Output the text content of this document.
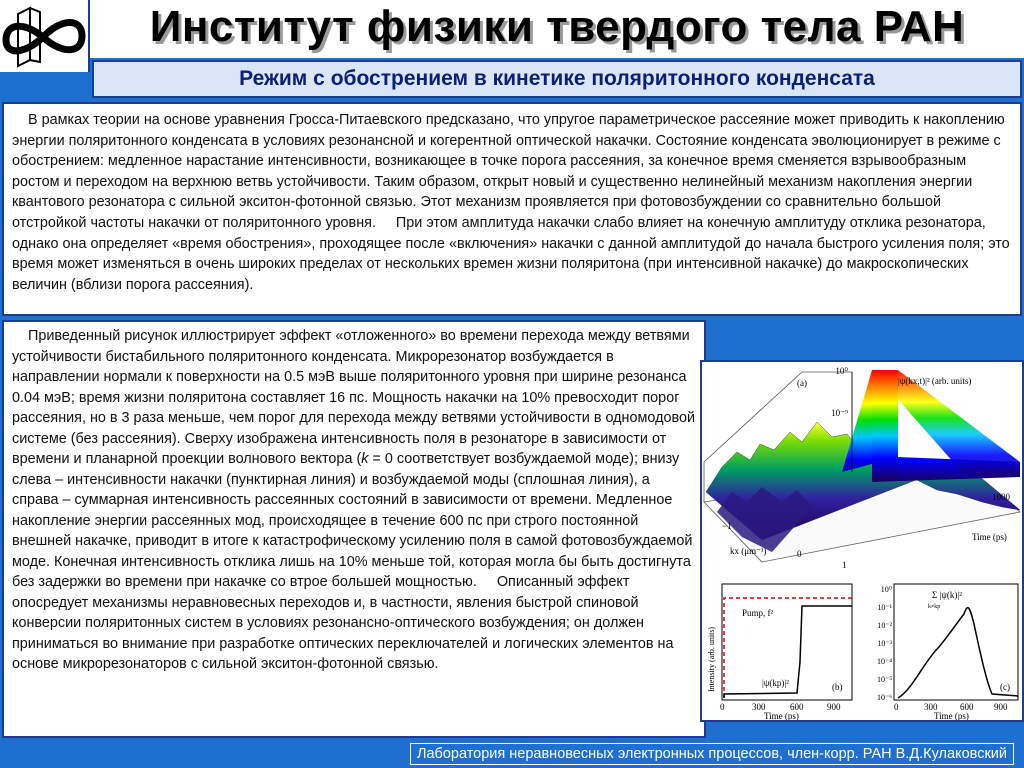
Институт физики твердого тела РАН
Режим с обострением в кинетике поляритонного конденсата
В рамках теории на основе уравнения Гросса-Питаевского предсказано, что упругое параметрическое рассеяние может приводить к накоплению энергии поляритонного конденсата в условиях резонансной и когерентной оптической накачки. Состояние конденсата эволюционирует в режиме с обострением: медленное нарастание интенсивности, возникающее в точке порога рассеяния, за конечное время сменяется взрывообразным ростом и переходом на верхнюю ветвь устойчивости. Таким образом, открыт новый и существенно нелинейный механизм накопления энергии квантового резонатора с сильной экситон-фотонной связью. Этот механизм проявляется при фотовозбуждении со сравнительно большой отстройкой частоты накачки от поляритонного уровня.     При этом амплитуда накачки слабо влияет на конечную амплитуду отклика резонатора, однако она определяет «время обострения», проходящее после «включения» накачки с данной амплитудой до начала быстрого усиления поля; это время может изменяться в очень широких пределах от нескольких времен жизни поляритона (при интенсивной накачке) до макроскопических величин (вблизи порога рассеяния).
Приведенный рисунок иллюстрирует эффект «отложенного» во времени перехода между ветвями устойчивости бистабильного поляритонного конденсата. Микрорезонатор возбуждается в направлении нормали к поверхности на 0.5 мэВ выше поляритонного уровня при ширине резонанса 0.04 мэВ; время жизни поляритона составляет 16 пс. Мощность накачки на 10% превосходит порог рассеяния, но в 3 раза меньше, чем порог для перехода между ветвями устойчивости в одномодовой системе (без рассеяния). Сверху изображена интенсивность поля в резонаторе в зависимости от времени и планарной проекции волнового вектора (k = 0 соответствует возбуждаемой моде); внизу слева – интенсивности накачки (пунктирная линия) и возбуждаемой моды (сплошная линия), а справа – суммарная интенсивность рассеянных состояний в зависимости от времени. Медленное накопление энергии рассеянных мод, происходящее в течение 600 пс при строго постоянной внешней накачке, приводит в итоге к катастрофическому усилению поля в самой фотовозбуждаемой моде. Конечная интенсивность отклика лишь на 10% меньше той, которая могла бы быть достигнута без задержки во времени при накачке со втрое большей мощностью.     Описанный эффект опосредует механизмы неравновесных переходов и, в частности, явления быстрой спиновой конверсии поляритонных систем в условиях резонансно-оптического возбуждения; он должен приниматься во внимание при разработке оптических переключателей и логических элементов на основе микрорезонаторов с сильной экситон-фотонной связью.
10⁰
10⁻⁹
(a)	|ψ(kx,t)|² (arb. units)
1000
Time (ps)
−1
0
1
kx (μm⁻¹)
Intensity (arb. units)
Pump, f²
|ψ(kp)|²	(b)
0	300	600	900
Time (ps)
10⁰
10⁻¹
10⁻²
10⁻³
10⁻⁴
10⁻⁵
10⁻⁶
Σ |ψ(k)|²
k≠kp
(c)
0	300	600 900
Time (ps)
Лаборатория неравновесных электронных процессов, член-корр. РАН В.Д.Кулаковский
